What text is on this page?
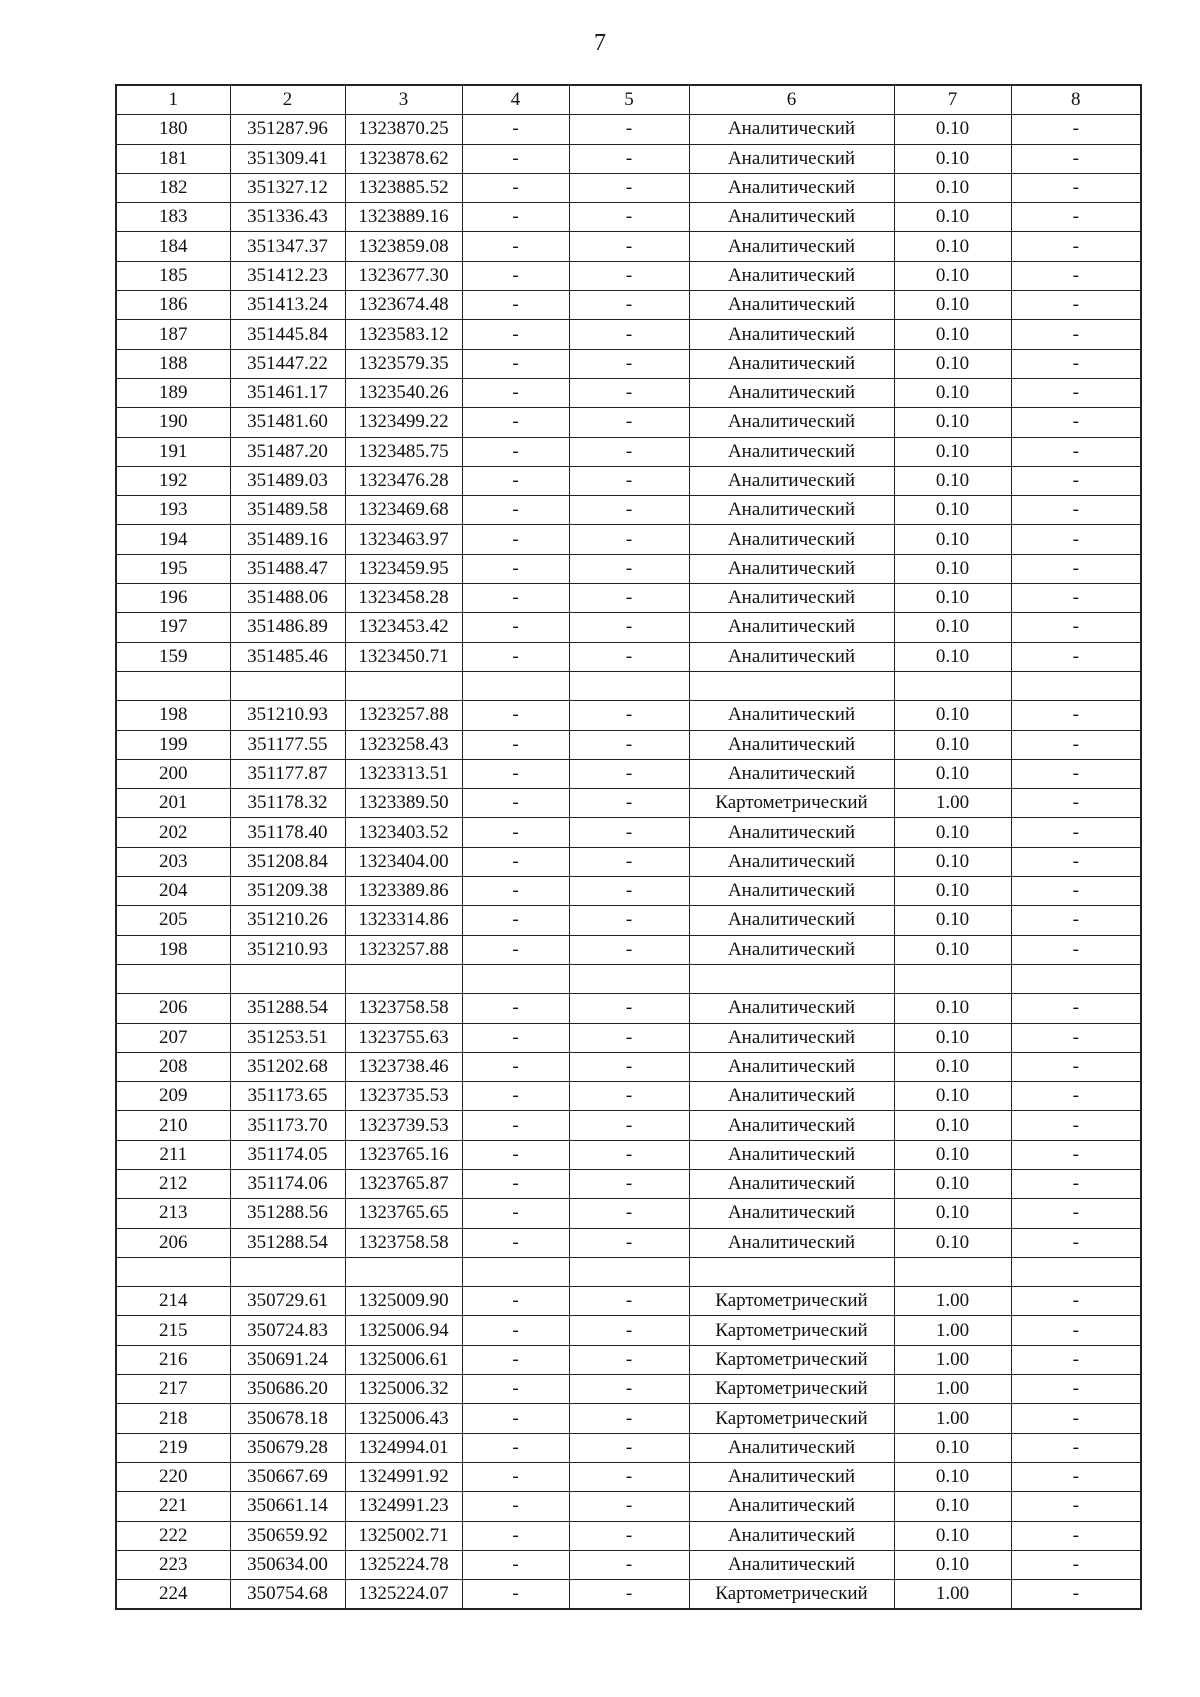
7
1	2	3	4	5	6	7	8
180	351287.96	1323870.25	-	-	Аналитический	0.10	-
181	351309.41	1323878.62	-	-	Аналитический	0.10	-
182	351327.12	1323885.52	-	-	Аналитический	0.10	-
183	351336.43	1323889.16	-	-	Аналитический	0.10	-
184	351347.37	1323859.08	-	-	Аналитический	0.10	-
185	351412.23	1323677.30	-	-	Аналитический	0.10	-
186	351413.24	1323674.48	-	-	Аналитический	0.10	-
187	351445.84	1323583.12	-	-	Аналитический	0.10	-
188	351447.22	1323579.35	-	-	Аналитический	0.10	-
189	351461.17	1323540.26	-	-	Аналитический	0.10	-
190	351481.60	1323499.22	-	-	Аналитический	0.10	-
191	351487.20	1323485.75	-	-	Аналитический	0.10	-
192	351489.03	1323476.28	-	-	Аналитический	0.10	-
193	351489.58	1323469.68	-	-	Аналитический	0.10	-
194	351489.16	1323463.97	-	-	Аналитический	0.10	-
195	351488.47	1323459.95	-	-	Аналитический	0.10	-
196	351488.06	1323458.28	-	-	Аналитический	0.10	-
197	351486.89	1323453.42	-	-	Аналитический	0.10	-
159	351485.46	1323450.71	-	-	Аналитический	0.10	-

198	351210.93	1323257.88	-	-	Аналитический	0.10	-
199	351177.55	1323258.43	-	-	Аналитический	0.10	-
200	351177.87	1323313.51	-	-	Аналитический	0.10	-
201	351178.32	1323389.50	-	-	Картометрический	1.00	-
202	351178.40	1323403.52	-	-	Аналитический	0.10	-
203	351208.84	1323404.00	-	-	Аналитический	0.10	-
204	351209.38	1323389.86	-	-	Аналитический	0.10	-
205	351210.26	1323314.86	-	-	Аналитический	0.10	-
198	351210.93	1323257.88	-	-	Аналитический	0.10	-

206	351288.54	1323758.58	-	-	Аналитический	0.10	-
207	351253.51	1323755.63	-	-	Аналитический	0.10	-
208	351202.68	1323738.46	-	-	Аналитический	0.10	-
209	351173.65	1323735.53	-	-	Аналитический	0.10	-
210	351173.70	1323739.53	-	-	Аналитический	0.10	-
211	351174.05	1323765.16	-	-	Аналитический	0.10	-
212	351174.06	1323765.87	-	-	Аналитический	0.10	-
213	351288.56	1323765.65	-	-	Аналитический	0.10	-
206	351288.54	1323758.58	-	-	Аналитический	0.10	-

214	350729.61	1325009.90	-	-	Картометрический	1.00	-
215	350724.83	1325006.94	-	-	Картометрический	1.00	-
216	350691.24	1325006.61	-	-	Картометрический	1.00	-
217	350686.20	1325006.32	-	-	Картометрический	1.00	-
218	350678.18	1325006.43	-	-	Картометрический	1.00	-
219	350679.28	1324994.01	-	-	Аналитический	0.10	-
220	350667.69	1324991.92	-	-	Аналитический	0.10	-
221	350661.14	1324991.23	-	-	Аналитический	0.10	-
222	350659.92	1325002.71	-	-	Аналитический	0.10	-
223	350634.00	1325224.78	-	-	Аналитический	0.10	-
224	350754.68	1325224.07	-	-	Картометрический	1.00	-
